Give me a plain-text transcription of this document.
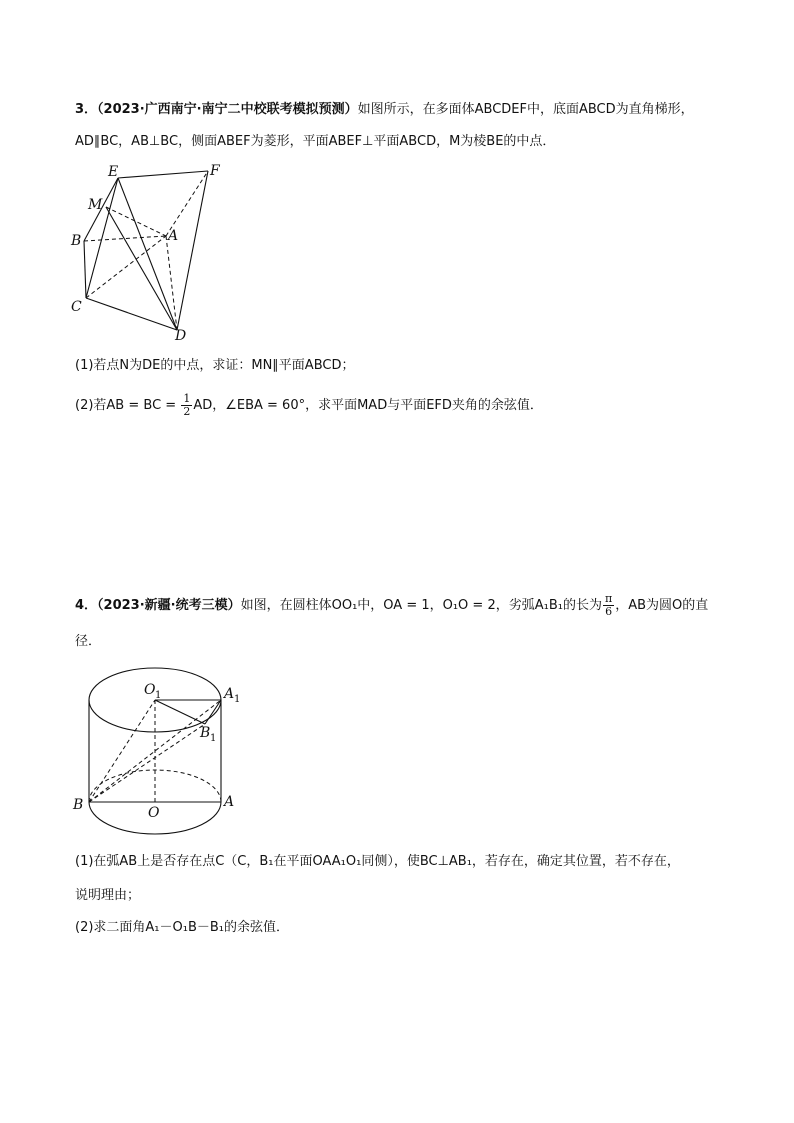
3．（2023·广西南宁·南宁二中校联考模拟预测）如图所示，在多面体ABCDEF中，底面ABCD为直角梯形，
AD∥BC，AB⊥BC，侧面ABEF为菱形，平面ABEF⊥平面ABCD，M为棱BE的中点．
E	F
M
A
B
C
D
(1)若点N为DE的中点，求证：MN∥平面ABCD；
(2)若AB = BC = $\frac{1}{2}$ AD，∠EBA = 60°，求平面MAD与平面EFD夹角的余弦值．
4．（2023·新疆·统考三模）如图，在圆柱体OO₁中，OA = 1，O₁O = 2，劣弧A₁B₁的长为 $\frac{\pi}{6}$ ，AB为圆O的直
径．
O 1	A 1
B 1
B	O
A
(1)在弧AB上是否存在点C（C，B₁在平面OAA₁O₁同侧），使BC⊥AB₁，若存在，确定其位置，若不存在，
说明理由；
(2)求二面角A₁－O₁B－B₁的余弦值．
